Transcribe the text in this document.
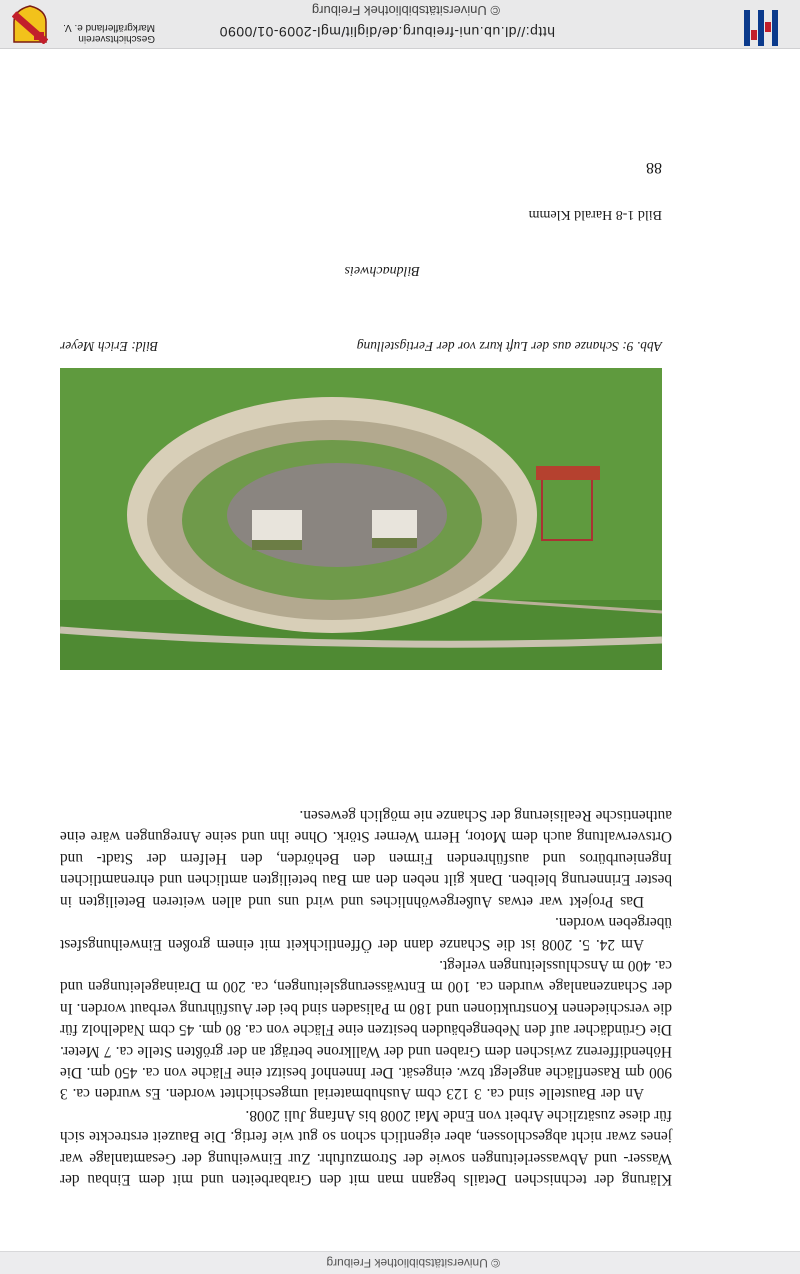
© Universitätsbibliothek Freiburg

Klärung der technischen Details begann man mit den Grabarbeiten und mit dem Einbau der Wasser- und Abwasserleitungen sowie der Stromzufuhr. Zur Einweihung der Gesamtanlage war jenes zwar nicht abgeschlossen, aber eigentlich schon so gut wie fertig. Die Bauzeit erstreckte sich für diese zusätzliche Arbeit von Ende Mai 2008 bis Anfang Juli 2008.

An der Baustelle sind ca. 3 123 cbm Aushubmaterial umgeschichtet worden. Es wurden ca. 3 900 qm Rasenfläche angelegt bzw. eingesät. Der Innenhof besitzt eine Fläche von ca. 450 qm. Die Höhendifferenz zwischen dem Graben und der Wallkrone beträgt an der größten Stelle ca. 7 Meter. Die Gründächer auf den Nebengebäuden besitzen eine Fläche von ca. 80 qm. 45 cbm Nadelholz für die verschiedenen Konstruktionen und 180 m Palisaden sind bei der Ausführung verbaut worden. In der Schanzenanlage wurden ca. 100 m Entwässerungsleitungen, ca. 200 m Drainageleitungen und ca. 400 m Anschlussleitungen verlegt.

Am 24. 5. 2008 ist die Schanze dann der Öffentlichkeit mit einem großen Einweihungsfest übergeben worden.

Das Projekt war etwas Außergewöhnliches und wird uns und allen weiteren Beteiligten in bester Erinnerung bleiben. Dank gilt neben den am Bau beteiligten amtlichen und ehrenamtlichen Ingenieurbüros und ausführenden Firmen den Behörden, den Helfern der Stadt- und Ortsverwaltung auch dem Motor, Herrn Werner Störk. Ohne ihn und seine Anregungen wäre eine authentische Realisierung der Schanze nie möglich gewesen.

Abb. 9: Schanze aus der Luft kurz vor der Fertigstellung
Bild: Erich Meyer
Bildnachweis
Bild 1-8 Harald Klemm
88
http://dl.ub.uni-freiburg.de/diglit/mgl-2009-01/0090
© Universitätsbibliothek Freiburg
Geschichtsverein
Markgräflerland e. V.
